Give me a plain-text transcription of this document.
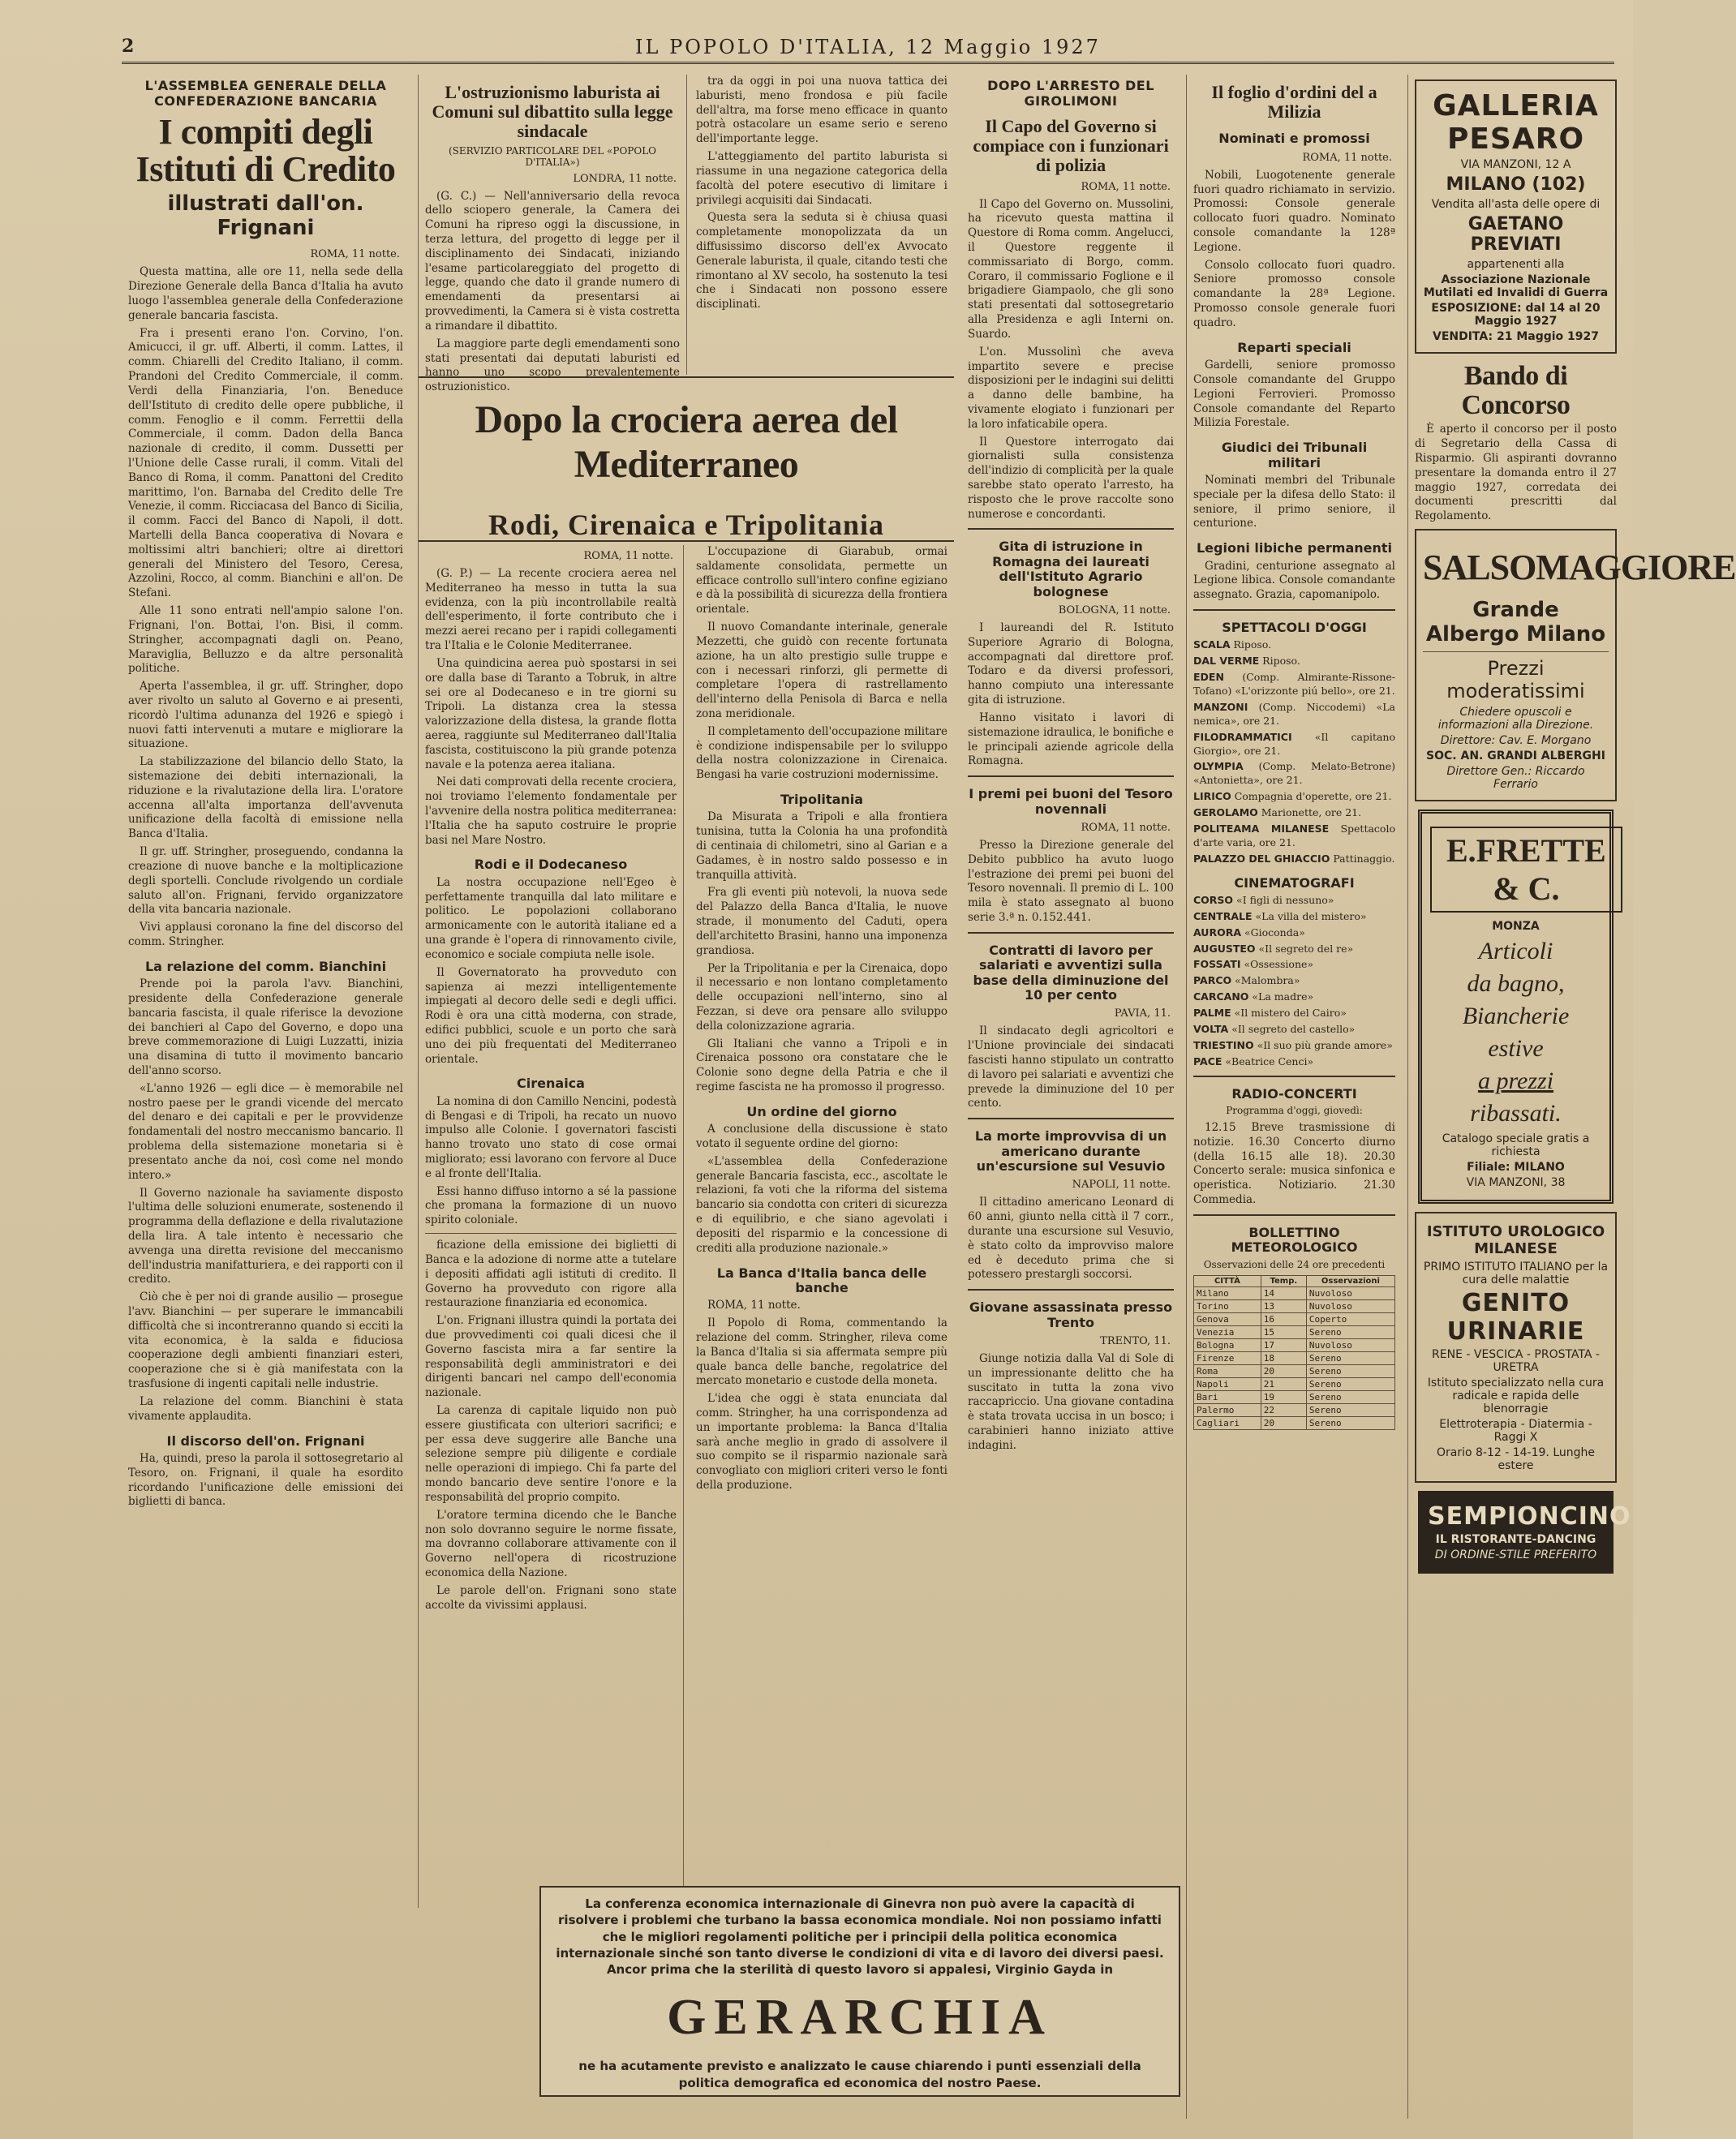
2	IL POPOLO D'ITALIA, 12 Maggio 1927
L'ASSEMBLEA GENERALE DELLA CONFEDERAZIONE BANCARIA
I compiti degli Istituti di Credito
illustrati dall'on. Frignani
ROMA, 11 notte.

Questa mattina, alle ore 11, nella sede della Direzione Generale della Banca d'Italia ha avuto luogo l'assemblea generale della Confederazione generale bancaria fascista.

Fra i presenti erano l'on. Corvino, l'on. Amicucci, il gr. uff. Alberti, il comm. Lattes, il comm. Chiarelli del Credito Italiano, il comm. Prandoni del Credito Commerciale, il comm. Verdi della Finanziaria, l'on. Beneduce dell'Istituto di credito delle opere pubbliche, il comm. Fenoglio e il comm. Ferrettii della Commerciale, il comm. Dadon della Banca nazionale di credito, il comm. Dussetti per l'Unione delle Casse rurali, il comm. Vitali del Banco di Roma, il comm. Panattoni del Credito marittimo, l'on. Barnaba del Credito delle Tre Venezie, il comm. Ricciacasa del Banco di Sicilia, il comm. Facci del Banco di Napoli, il dott. Martelli della Banca cooperativa di Novara e moltissimi altri banchieri; oltre ai direttori generali del Ministero del Tesoro, Ceresa, Azzolini, Rocco, al comm. Bianchini e all'on. De Stefani.

Alle 11 sono entrati nell'ampio salone l'on. Frignani, l'on. Bottai, l'on. Bisi, il comm. Stringher, accompagnati dagli on. Peano, Maraviglia, Belluzzo e da altre personalità politiche.

Aperta l'assemblea, il gr. uff. Stringher, dopo aver rivolto un saluto al Governo e ai presenti, ricordò l'ultima adunanza del 1926 e spiegò i nuovi fatti intervenuti a mutare e migliorare la situazione.

La stabilizzazione del bilancio dello Stato, la sistemazione dei debiti internazionali, la riduzione e la rivalutazione della lira. L'oratore accenna all'alta importanza dell'avvenuta unificazione della facoltà di emissione nella Banca d'Italia.

Il gr. uff. Stringher, proseguendo, condanna la creazione di nuove banche e la moltiplicazione degli sportelli. Conclude rivolgendo un cordiale saluto all'on. Frignani, fervido organizzatore della vita bancaria nazionale.

Vivi applausi coronano la fine del discorso del comm. Stringher.

La relazione del comm. Bianchini

Prende poi la parola l'avv. Bianchini, presidente della Confederazione generale bancaria fascista, il quale riferisce la devozione dei banchieri al Capo del Governo, e dopo una breve commemorazione di Luigi Luzzatti, inizia una disamina di tutto il movimento bancario dell'anno scorso.

«L'anno 1926 — egli dice — è memorabile nel nostro paese per le grandi vicende del mercato del denaro e dei capitali e per le provvidenze fondamentali del nostro meccanismo bancario. Il problema della sistemazione monetaria si è presentato anche da noi, così come nel mondo intero.»

Il Governo nazionale ha saviamente disposto l'ultima delle soluzioni enumerate, sostenendo il programma della deflazione e della rivalutazione della lira. A tale intento è necessario che avvenga una diretta revisione del meccanismo dell'industria manifatturiera, e dei rapporti con il credito.

Ciò che è per noi di grande ausilio — prosegue l'avv. Bianchini — per superare le immancabili difficoltà che si incontreranno quando si ecciti la vita economica, è la salda e fiduciosa cooperazione degli ambienti finanziari esteri, cooperazione che si è già manifestata con la trasfusione di ingenti capitali nelle industrie.

La relazione del comm. Bianchini è stata vivamente applaudita.

Il discorso dell'on. Frignani

Ha, quindi, preso la parola il sottosegretario al Tesoro, on. Frignani, il quale ha esordito ricordando l'unificazione delle emissioni dei biglietti di banca.

L'ostruzionismo laburista ai Comuni sul dibattito sulla legge sindacale
(SERVIZIO PARTICOLARE DEL «POPOLO D'ITALIA»)
LONDRA, 11 notte.

(G. C.) — Nell'anniversario della revoca dello sciopero generale, la Camera dei Comuni ha ripreso oggi la discussione, in terza lettura, del progetto di legge per il disciplinamento dei Sindacati, iniziando l'esame particolareggiato del progetto di legge, quando che dato il grande numero di emendamenti da presentarsi ai provvedimenti, la Camera si è vista costretta a rimandare il dibattito.

La maggiore parte degli emendamenti sono stati presentati dai deputati laburisti ed hanno uno scopo prevalentemente ostruzionistico.

tra da oggi in poi una nuova tattica dei laburisti, meno frondosa e più facile dell'altra, ma forse meno efficace in quanto potrà ostacolare un esame serio e sereno dell'importante legge.

L'atteggiamento del partito laburista si riassume in una negazione categorica della facoltà del potere esecutivo di limitare i privilegi acquisiti dai Sindacati.

Questa sera la seduta si è chiusa quasi completamente monopolizzata da un diffusissimo discorso dell'ex Avvocato Generale laburista, il quale, citando testi che rimontano al XV secolo, ha sostenuto la tesi che i Sindacati non possono essere disciplinati.

Dopo la crociera aerea del Mediterraneo
Rodi, Cirenaica e Tripolitania
ROMA, 11 notte.

(G. P.) — La recente crociera aerea nel Mediterraneo ha messo in tutta la sua evidenza, con la più incontrollabile realtà dell'esperimento, il forte contributo che i mezzi aerei recano per i rapidi collegamenti tra l'Italia e le Colonie Mediterranee.

Una quindicina aerea può spostarsi in sei ore dalla base di Taranto a Tobruk, in altre sei ore al Dodecaneso e in tre giorni su Tripoli. La distanza crea la stessa valorizzazione della distesa, la grande flotta aerea, raggiunte sul Mediterraneo dall'Italia fascista, costituiscono la più grande potenza navale e la potenza aerea italiana.

Nei dati comprovati della recente crociera, noi troviamo l'elemento fondamentale per l'avvenire della nostra politica mediterranea: l'Italia che ha saputo costruire le proprie basi nel Mare Nostro.

Rodi e il Dodecaneso

La nostra occupazione nell'Egeo è perfettamente tranquilla dal lato militare e politico. Le popolazioni collaborano armonicamente con le autorità italiane ed a una grande è l'opera di rinnovamento civile, economico e sociale compiuta nelle isole.

Il Governatorato ha provveduto con sapienza ai mezzi intelligentemente impiegati al decoro delle sedi e degli uffici. Rodi è ora una città moderna, con strade, edifici pubblici, scuole e un porto che sarà uno dei più frequentati del Mediterraneo orientale.

Cirenaica

La nomina di don Camillo Nencini, podestà di Bengasi e di Tripoli, ha recato un nuovo impulso alle Colonie. I governatori fascisti hanno trovato uno stato di cose ormai migliorato; essi lavorano con fervore al Duce e al fronte dell'Italia.

Essi hanno diffuso intorno a sé la passione che promana la formazione di un nuovo spirito coloniale.

ficazione della emissione dei biglietti di Banca e la adozione di norme atte a tutelare i depositi affidati agli istituti di credito. Il Governo ha provveduto con rigore alla restaurazione finanziaria ed economica.

L'on. Frignani illustra quindi la portata dei due provvedimenti coi quali dicesi che il Governo fascista mira a far sentire la responsabilità degli amministratori e dei dirigenti bancari nel campo dell'economia nazionale.

La carenza di capitale liquido non può essere giustificata con ulteriori sacrifici; e per essa deve suggerire alle Banche una selezione sempre più diligente e cordiale nelle operazioni di impiego. Chi fa parte del mondo bancario deve sentire l'onore e la responsabilità del proprio compito.

L'oratore termina dicendo che le Banche non solo dovranno seguire le norme fissate, ma dovranno collaborare attivamente con il Governo nell'opera di ricostruzione economica della Nazione.

Le parole dell'on. Frignani sono state accolte da vivissimi applausi.

L'occupazione di Giarabub, ormai saldamente consolidata, permette un efficace controllo sull'intero confine egiziano e dà la possibilità di sicurezza della frontiera orientale.

Il nuovo Comandante interinale, generale Mezzetti, che guidò con recente fortunata azione, ha un alto prestigio sulle truppe e con i necessari rinforzi, gli permette di completare l'opera di rastrellamento dell'interno della Penisola di Barca e nella zona meridionale.

Il completamento dell'occupazione militare è condizione indispensabile per lo sviluppo della nostra colonizzazione in Cirenaica. Bengasi ha varie costruzioni modernissime.

Tripolitania

Da Misurata a Tripoli e alla frontiera tunisina, tutta la Colonia ha una profondità di centinaia di chilometri, sino al Garian e a Gadames, è in nostro saldo possesso e in tranquilla attività.

Fra gli eventi più notevoli, la nuova sede del Palazzo della Banca d'Italia, le nuove strade, il monumento del Caduti, opera dell'architetto Brasini, hanno una imponenza grandiosa.

Per la Tripolitania e per la Cirenaica, dopo il necessario e non lontano completamento delle occupazioni nell'interno, sino al Fezzan, si deve ora pensare allo sviluppo della colonizzazione agraria.

Gli Italiani che vanno a Tripoli e in Cirenaica possono ora constatare che le Colonie sono degne della Patria e che il regime fascista ne ha promosso il progresso.

Un ordine del giorno

A conclusione della discussione è stato votato il seguente ordine del giorno:

«L'assemblea della Confederazione generale Bancaria fascista, ecc., ascoltate le relazioni, fa voti che la riforma del sistema bancario sia condotta con criteri di sicurezza e di equilibrio, e che siano agevolati i depositi del risparmio e la concessione di crediti alla produzione nazionale.»

La Banca d'Italia banca delle banche

ROMA, 11 notte.

Il Popolo di Roma, commentando la relazione del comm. Stringher, rileva come la Banca d'Italia si sia affermata sempre più quale banca delle banche, regolatrice del mercato monetario e custode della moneta.

L'idea che oggi è stata enunciata dal comm. Stringher, ha una corrispondenza ad un importante problema: la Banca d'Italia sarà anche meglio in grado di assolvere il suo compito se il risparmio nazionale sarà convogliato con migliori criteri verso le fonti della produzione.

La conferenza economica internazionale di Ginevra non può avere la capacità di risolvere i problemi che turbano la bassa economica mondiale. Noi non possiamo infatti che le migliori regolamenti politiche per i principii della politica economica internazionale sinché son tanto diverse le condizioni di vita e di lavoro dei diversi paesi. Ancor prima che la sterilità di questo lavoro si appalesi, Virginio Gayda in

GERARCHIA

ne ha acutamente previsto e analizzato le cause chiarendo i punti essenziali della politica demografica ed economica del nostro Paese.

DOPO L'ARRESTO DEL GIROLIMONI
Il Capo del Governo si compiace con i funzionari di polizia
ROMA, 11 notte.

Il Capo del Governo on. Mussolini, ha ricevuto questa mattina il Questore di Roma comm. Angelucci, il Questore reggente il commissariato di Borgo, comm. Coraro, il commissario Foglione e il brigadiere Giampaolo, che gli sono stati presentati dal sottosegretario alla Presidenza e agli Interni on. Suardo.

L'on. Mussolinì che aveva impartito severe e precise disposizioni per le indagini sui delitti a danno delle bambine, ha vivamente elogiato i funzionari per la loro infaticabile opera.

Il Questore interrogato dai giornalisti sulla consistenza dell'indizio di complicità per la quale sarebbe stato operato l'arresto, ha risposto che le prove raccolte sono numerose e concordanti.

Gita di istruzione in Romagna dei laureati dell'Istituto Agrario bolognese
BOLOGNA, 11 notte.

I laureandi del R. Istituto Superiore Agrario di Bologna, accompagnati dal direttore prof. Todaro e da diversi professori, hanno compiuto una interessante gita di istruzione.

Hanno visitato i lavori di sistemazione idraulica, le bonifiche e le principali aziende agricole della Romagna.

I premi pei buoni del Tesoro novennali
ROMA, 11 notte.

Presso la Direzione generale del Debito pubblico ha avuto luogo l'estrazione dei premi pei buoni del Tesoro novennali. Il premio di L. 100 mila è stato assegnato al buono serie 3.ª n. 0.152.441.

Contratti di lavoro per salariati e avventizi sulla base della diminuzione del 10 per cento
PAVIA, 11.

Il sindacato degli agricoltori e l'Unione provinciale dei sindacati fascisti hanno stipulato un contratto di lavoro pei salariati e avventizi che prevede la diminuzione del 10 per cento.

La morte improvvisa di un americano durante un'escursione sul Vesuvio
NAPOLI, 11 notte.

Il cittadino americano Leonard di 60 anni, giunto nella città il 7 corr., durante una escursione sul Vesuvio, è stato colto da improvviso malore ed è deceduto prima che si potessero prestargli soccorsi.

Giovane assassinata presso Trento
TRENTO, 11.

Giunge notizia dalla Val di Sole di un impressionante delitto che ha suscitato in tutta la zona vivo raccapriccio. Una giovane contadina è stata trovata uccisa in un bosco; i carabinieri hanno iniziato attive indagini.

Il foglio d'ordini del a Milizia
Nominati e promossi
ROMA, 11 notte.

Nobili, Luogotenente generale fuori quadro richiamato in servizio. Promossi: Console generale collocato fuori quadro. Nominato console comandante la 128ª Legione.

Consolo collocato fuori quadro. Seniore promosso console comandante la 28ª Legione. Promosso console generale fuori quadro.

Reparti speciali

Gardelli, seniore promosso Console comandante del Gruppo Legioni Ferrovieri. Promosso Console comandante del Reparto Milizia Forestale.

Giudici dei Tribunali militari

Nominati membri del Tribunale speciale per la difesa dello Stato: il seniore, il primo seniore, il centurione.

Legioni libiche permanenti

Gradini, centurione assegnato al Legione libica. Console comandante assegnato. Grazia, capomanipolo.

SPETTACOLI D'OGGI
SCALA Riposo.
DAL VERME Riposo.
EDEN (Comp. Almirante-Rissone-Tofano) «L'orizzonte piú bello», ore 21.
MANZONI (Comp. Niccodemi) «La nemica», ore 21.
FILODRAMMATICI «Il capitano Giorgio», ore 21.
OLYMPIA (Comp. Melato-Betrone) «Antonietta», ore 21.
LIRICO Compagnia d'operette, ore 21.
GEROLAMO Marionette, ore 21.
POLITEAMA MILANESE Spettacolo d'arte varia, ore 21.
PALAZZO DEL GHIACCIO Pattinaggio.
CINEMATOGRAFI
CORSO «I figli di nessuno»
CENTRALE «La villa del mistero»
AURORA «Gioconda»
AUGUSTEO «Il segreto del re»
FOSSATI «Ossessione»
PARCO «Malombra»
CARCANO «La madre»
PALME «Il mistero del Cairo»
VOLTA «Il segreto del castello»
TRIESTINO «Il suo più grande amore»
PACE «Beatrice Cenci»
RADIO-CONCERTI
Programma d'oggi, giovedì:

12.15 Breve trasmissione di notizie. 16.30 Concerto diurno (della 16.15 alle 18). 20.30 Concerto serale: musica sinfonica e operistica. Notiziario. 21.30 Commedia.

BOLLETTINO METEOROLOGICO
Osservazioni delle 24 ore precedenti
CITTÀ	Temp.	Osservazioni
Milano	14	Nuvoloso
Torino	13	Nuvoloso
Genova	16	Coperto
Venezia	15	Sereno
Bologna	17	Nuvoloso
Firenze	18	Sereno
Roma	20	Sereno
Napoli	21	Sereno
Bari	19	Sereno
Palermo	22	Sereno
Cagliari	20	Sereno
GALLERIA PESARO
VIA MANZONI, 12 A
MILANO (102)
Vendita all'asta delle opere di
GAETANO PREVIATI
appartenenti alla
Associazione Nazionale Mutilati ed Invalidi di Guerra
ESPOSIZIONE: dal 14 al 20 Maggio 1927
VENDITA: 21 Maggio 1927
Bando di Concorso

È aperto il concorso per il posto di Segretario della Cassa di Risparmio. Gli aspiranti dovranno presentare la domanda entro il 27 maggio 1927, corredata dei documenti prescritti dal Regolamento.

SALSOMAGGIORE
Grande Albergo Milano
Prezzi moderatissimi
Chiedere opuscoli e informazioni alla Direzione.
Direttore: Cav. E. Morgano
SOC. AN. GRANDI ALBERGHI
Direttore Gen.: Riccardo Ferrario
E.FRETTE & C.
MONZA
Articoli
da bagno,
Biancherie
estive
a prezzi
ribassati.
Catalogo speciale gratis a richiesta
Filiale: MILANO
VIA MANZONI, 38
ISTITUTO UROLOGICO MILANESE
PRIMO ISTITUTO ITALIANO per la cura delle malattie
GENITO URINARIE
RENE - VESCICA - PROSTATA - URETRA
Istituto specializzato nella cura radicale e rapida delle blenorragie
Elettroterapia - Diatermia - Raggi X
Orario 8-12 - 14-19. Lunghe estere
SEMPIONCINO
IL RISTORANTE-DANCING
DI ORDINE-STILE PREFERITO
